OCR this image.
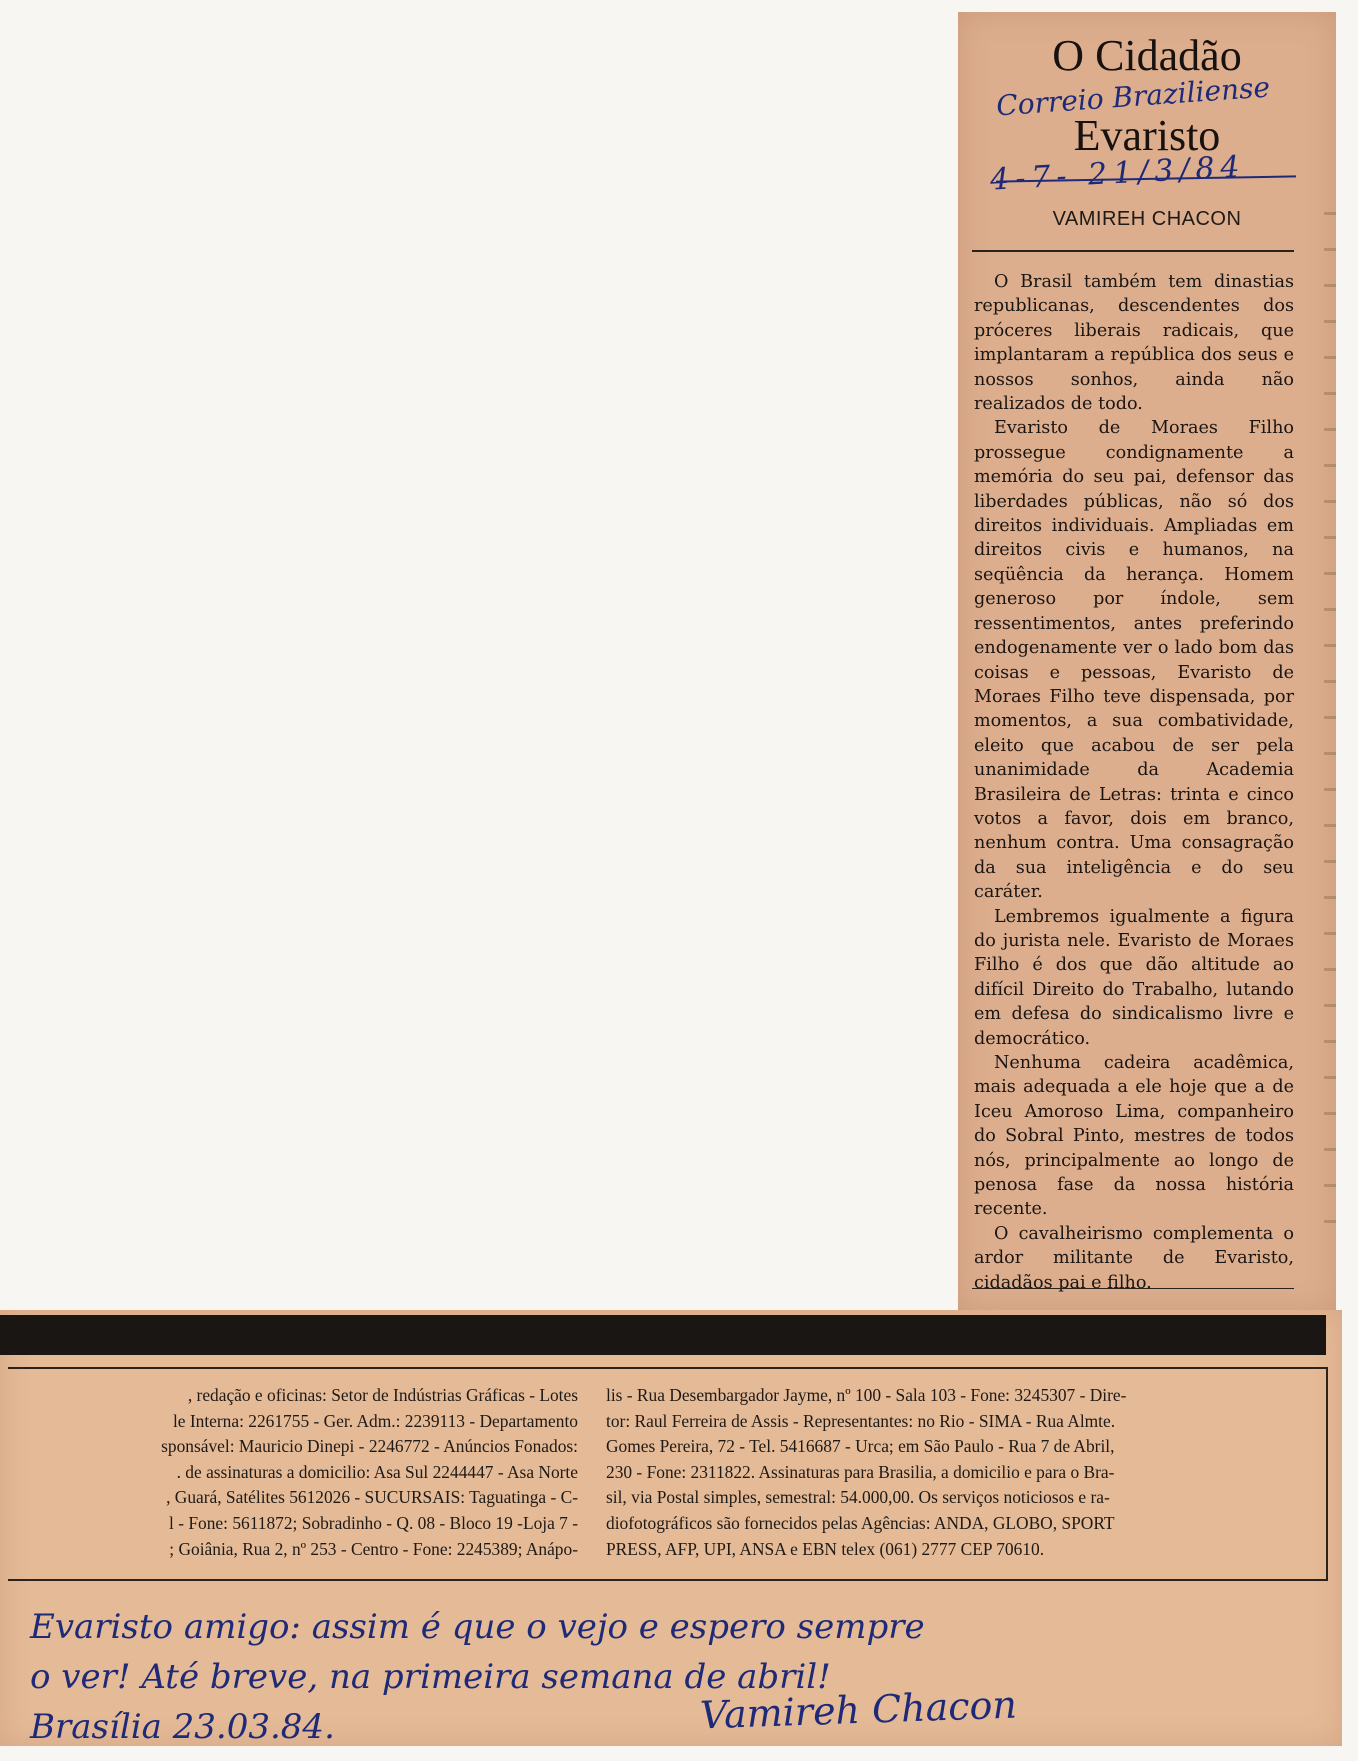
O Cidadão
Correio Braziliense
Evaristo
4-7- 21/3/84
VAMIREH CHACON

O Brasil também tem dinastias republicanas, descendentes dos próceres liberais radicais, que implantaram a república dos seus e nossos sonhos, ainda não realizados de todo.

Evaristo de Moraes Filho prossegue condignamente a memória do seu pai, defensor das liberdades públicas, não só dos direitos individuais. Ampliadas em direitos civis e humanos, na seqüência da herança. Homem generoso por índole, sem ressentimentos, antes preferindo endogenamente ver o lado bom das coisas e pessoas, Evaristo de Moraes Filho teve dispensada, por momentos, a sua combatividade, eleito que acabou de ser pela unanimidade da Academia Brasileira de Letras: trinta e cinco votos a favor, dois em branco, nenhum contra. Uma consagração da sua inteligência e do seu caráter.

Lembremos igualmente a figura do jurista nele. Evaristo de Moraes Filho é dos que dão altitude ao difícil Direito do Trabalho, lutando em defesa do sindicalismo livre e democrático.

Nenhuma cadeira acadêmica, mais adequada a ele hoje que a de Iceu Amoroso Lima, companheiro do Sobral Pinto, mestres de todos nós, principalmente ao longo de penosa fase da nossa história recente.

O cavalheirismo complementa o ardor militante de Evaristo, cidadãos pai e filho.

, redação e oficinas: Setor de Indústrias Gráficas - Lotes
le Interna: 2261755 - Ger. Adm.: 2239113 - Departamento
sponsável: Mauricio Dinepi - 2246772 - Anúncios Fonados:
. de assinaturas a domicilio: Asa Sul 2244447 - Asa Norte
, Guará, Satélites 5612026 - SUCURSAIS: Taguatinga - C-
l - Fone: 5611872; Sobradinho - Q. 08 - Bloco 19 -Loja 7 -
; Goiânia, Rua 2, nº 253 - Centro - Fone: 2245389; Anápo-
lis - Rua Desembargador Jayme, nº 100 - Sala 103 - Fone: 3245307 - Dire-
tor: Raul Ferreira de Assis - Representantes: no Rio - SIMA - Rua Almte.
Gomes Pereira, 72 - Tel. 5416687 - Urca; em São Paulo - Rua 7 de Abril,
230 - Fone: 2311822. Assinaturas para Brasilia, a domicilio e para o Bra-
sil, via Postal simples, semestral: 54.000,00. Os serviços noticiosos e ra-
diofotográficos são fornecidos pelas Agências: ANDA, GLOBO, SPORT
PRESS, AFP, UPI, ANSA e EBN telex (061) 2777 CEP 70610.
Evaristo amigo: assim é que o vejo e espero sempre
o ver! Até breve, na primeira semana de abril!
Brasília 23.03.84.	Vamireh Chacon
